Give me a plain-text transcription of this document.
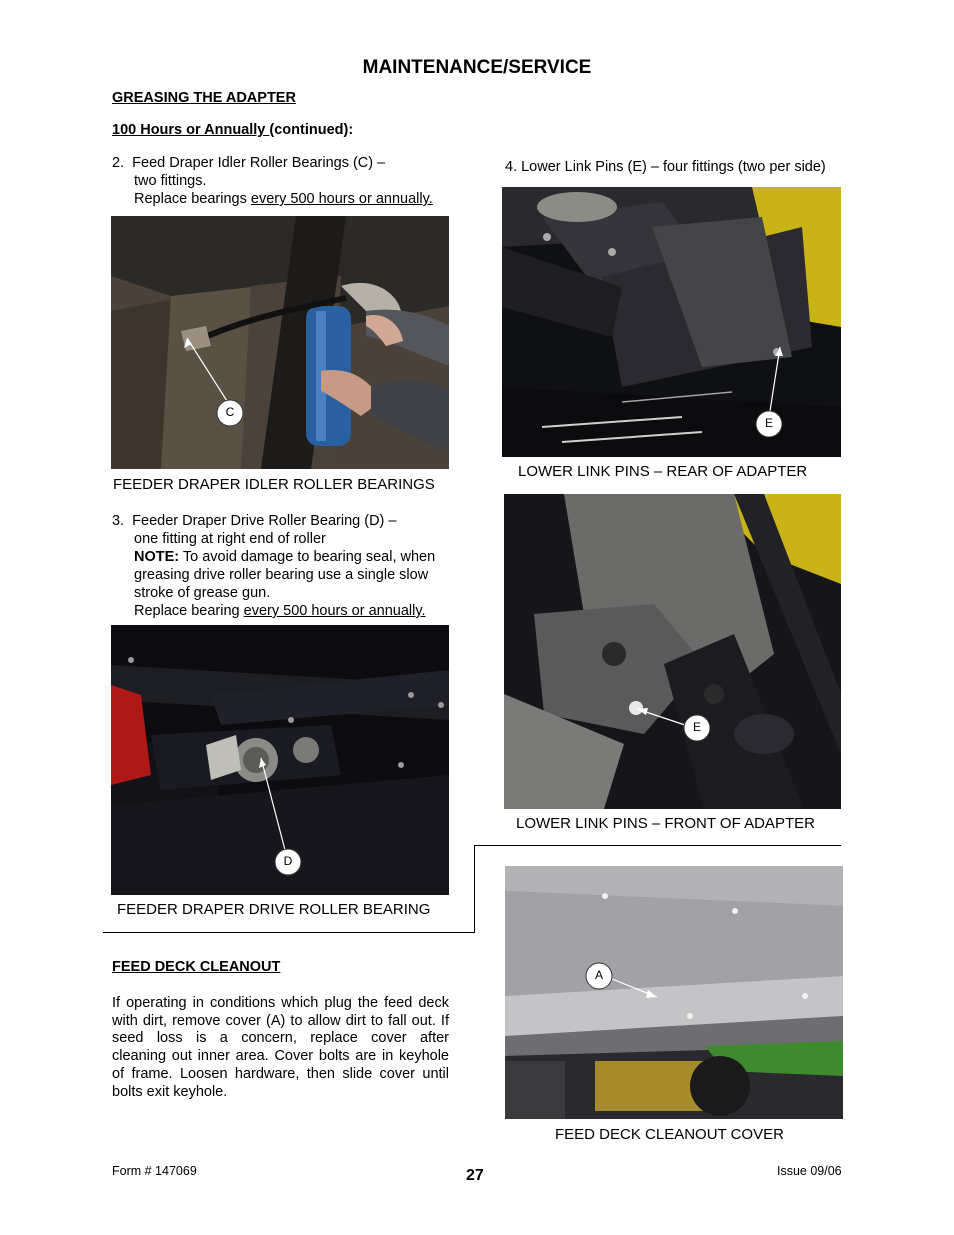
MAINTENANCE/SERVICE
GREASING THE ADAPTER
100 Hours or Annually (continued):
2.  Feed Draper Idler Roller Bearings (C) –
two fittings.
Replace bearings every 500 hours or annually.
C
FEEDER DRAPER IDLER ROLLER BEARINGS
3.  Feeder Draper Drive Roller Bearing (D) –
one fitting at right end of roller
NOTE: To avoid damage to bearing seal, when
greasing drive roller bearing use a single slow
stroke of grease gun.
Replace bearing every 500 hours or annually.
D
FEEDER DRAPER DRIVE ROLLER BEARING
4. Lower Link Pins (E) – four fittings (two per side)
E
LOWER LINK PINS – REAR OF ADAPTER
E
LOWER LINK PINS – FRONT OF ADAPTER
FEED DECK CLEANOUT
If operating in conditions which plug the feed deck
with dirt, remove cover (A) to allow dirt to fall out. If
seed loss is a concern, replace cover after
cleaning out inner area. Cover bolts are in keyhole
of frame. Loosen hardware, then slide cover until
bolts exit keyhole.
A
FEED DECK CLEANOUT COVER
Form # 147069	27	Issue 09/06
